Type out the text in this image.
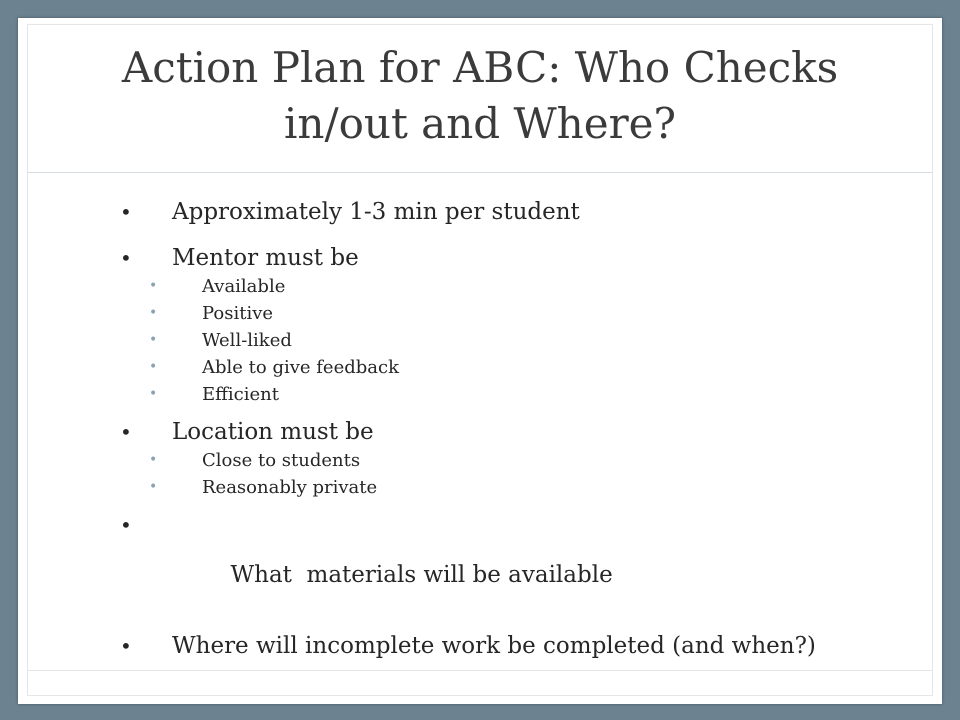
Action Plan for ABC: Who Checks in/out and Where?
• Approximately 1-3 min per student
• Mentor must be
• Available
• Positive
• Well-liked
• Able to give feedback
• Efficient
• Location must be
• Close to students
• Reasonably private

•

What  materials will be available

• Where will incomplete work be completed (and when?)
